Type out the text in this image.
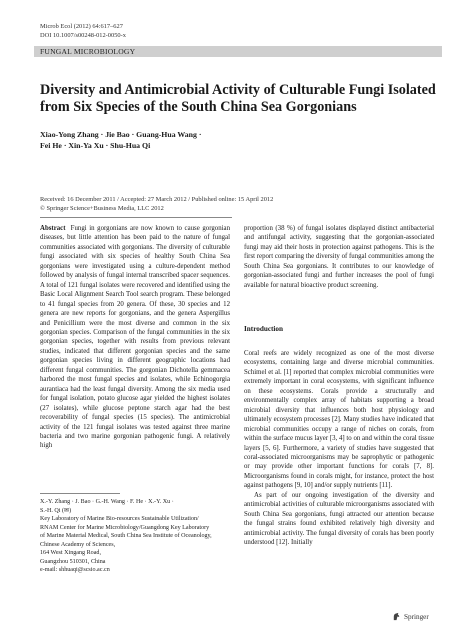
Microb Ecol (2012) 64:617–627
DOI 10.1007/s00248-012-0050-x
FUNGAL MICROBIOLOGY
Diversity and Antimicrobial Activity of Culturable Fungi Isolated from Six Species of the South China Sea Gorgonians
Xiao-Yong Zhang · Jie Bao · Guang-Hua Wang ·
Fei He · Xin-Ya Xu · Shu-Hua Qi
Received: 16 December 2011 / Accepted: 27 March 2012 / Published online: 15 April 2012
© Springer Science+Business Media, LLC 2012

Abstract Fungi in gorgonians are now known to cause gorgonian diseases, but little attention has been paid to the nature of fungal communities associated with gorgonians. The diversity of culturable fungi associated with six species of healthy South China Sea gorgonians were investigated using a culture-dependent method followed by analysis of fungal internal transcribed spacer sequences. A total of 121 fungal isolates were recovered and identified using the Basic Local Alignment Search Tool search program. These belonged to 41 fungal species from 20 genera. Of these, 30 species and 12 genera are new reports for gorgonians, and the genera Aspergillus and Penicillium were the most diverse and common in the six gorgonian species. Comparison of the fungal communities in the six gorgonian species, together with results from previous relevant studies, indicated that different gorgonian species and the same gorgonian species living in different geographic locations had different fungal communities. The gorgonian Dichotella gemmacea harbored the most fungal species and isolates, while Echinogorgia aurantiaca had the least fungal diversity. Among the six media used for fungal isolation, potato glucose agar yielded the highest isolates (27 isolates), while glucose peptone starch agar had the best recoverability of fungal species (15 species). The antimicrobial activity of the 121 fungal isolates was tested against three marine bacteria and two marine gorgonian pathogenic fungi. A relatively high

X.-Y. Zhang · J. Bao · G.-H. Wang · F. He · X.-Y. Xu ·
S.-H. Qi (✉)
Key Laboratory of Marine Bio-resources Sustainable Utilization/
RNAM Center for Marine Microbiology/Guangdong Key Laboratory
of Marine Material Medical, South China Sea Institute of Oceanology,
Chinese Academy of Sciences,
164 West Xingang Road,
Guangzhou 510301, China
e-mail: shhuaqi@scsio.ac.cn

proportion (38 %) of fungal isolates displayed distinct antibacterial and antifungal activity, suggesting that the gorgonian-associated fungi may aid their hosts in protection against pathogens. This is the first report comparing the diversity of fungal communities among the South China Sea gorgonians. It contributes to our knowledge of gorgonian-associated fungi and further increases the pool of fungi available for natural bioactive product screening.

Introduction

Coral reefs are widely recognized as one of the most diverse ecosystems, containing large and diverse microbial communities. Schimel et al. [1] reported that complex microbial communities were extremely important in coral ecosystems, with significant influence on these ecosystems. Corals provide a structurally and environmentally complex array of habitats supporting a broad microbial diversity that influences both host physiology and ultimately ecosystem processes [2]. Many studies have indicated that microbial communities occupy a range of niches on corals, from within the surface mucus layer [3, 4] to on and within the coral tissue layers [5, 6]. Furthermore, a variety of studies have suggested that coral-associated microorganisms may be saprophytic or pathogenic or may provide other important functions for corals [7, 8]. Microorganisms found in corals might, for instance, protect the host against pathogens [9, 10] and/or supply nutrients [11].

As part of our ongoing investigation of the diversity and antimicrobial activities of culturable microorganisms associated with South China Sea gorgonians, fungi attracted our attention because the fungal strains found exhibited relatively high diversity and antimicrobial activity. The fungal diversity of corals has been poorly understood [12]. Initially

Springer
